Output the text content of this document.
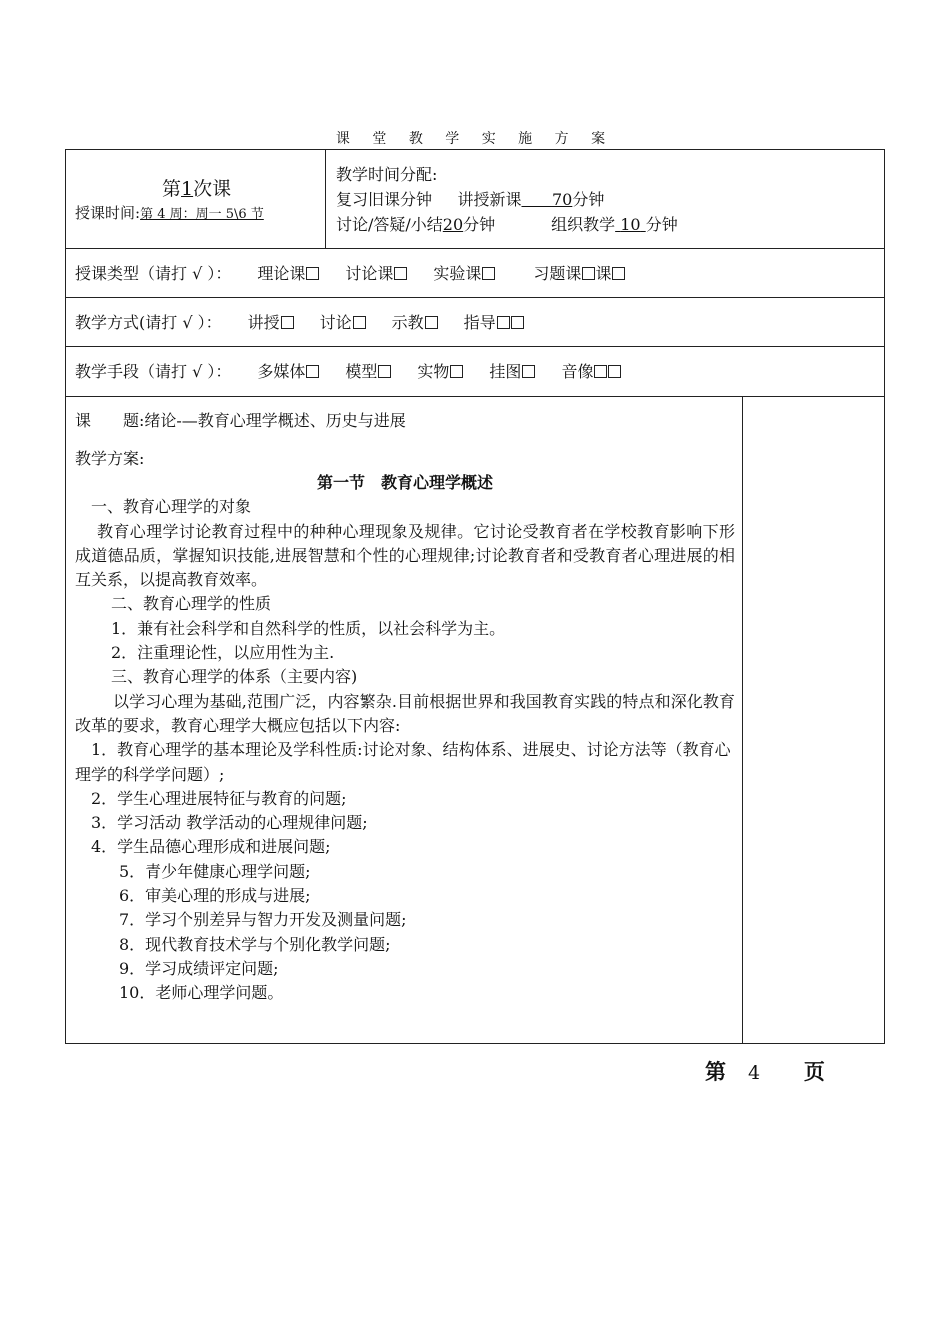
课 堂 教 学 实 施 方 案
第1次课
授课时间:第 4 周：周一 5\6 节
教学时间分配:
复习旧课分钟 讲授新课 70分钟
讨论/答疑/小结20分钟	组织教学 10 分钟
授课类型（请打 √ ）： 理论课	讨论课	实验课	习题课 课
教学方式(请打 √ ）： 讲授	讨论	示教	指导
教学手段（请打 √ ）： 多媒体	模型	实物	挂图	音像
课　　题:绪论-—教育心理学概述、历史与进展
教学方案:

第一节　教育心理学概述

一、教育心理学的对象

教育心理学讨论教育过程中的种种心理现象及规律。它讨论受教育者在学校教育影响下形成道德品质，掌握知识技能,进展智慧和个性的心理规律;讨论教育者和受教育者心理进展的相互关系，以提高教育效率。

二、教育心理学的性质

1．兼有社会科学和自然科学的性质，以社会科学为主。

2．注重理论性，以应用性为主.

三、教育心理学的体系（主要内容)

以学习心理为基础,范围广泛，内容繁杂.目前根据世界和我国教育实践的特点和深化教育改革的要求，教育心理学大概应包括以下内容:

1．教育心理学的基本理论及学科性质:讨论对象、结构体系、进展史、讨论方法等（教育心理学的科学学问题）;

2．学生心理进展特征与教育的问题;

3．学习活动 教学活动的心理规律问题;

4．学生品德心理形成和进展问题;

5．青少年健康心理学问题;

6．审美心理的形成与进展;

7．学习个别差异与智力开发及测量问题;

8．现代教育技术学与个别化教学问题;

9．学习成绩评定问题;

10．老师心理学问题。

第 4 页
